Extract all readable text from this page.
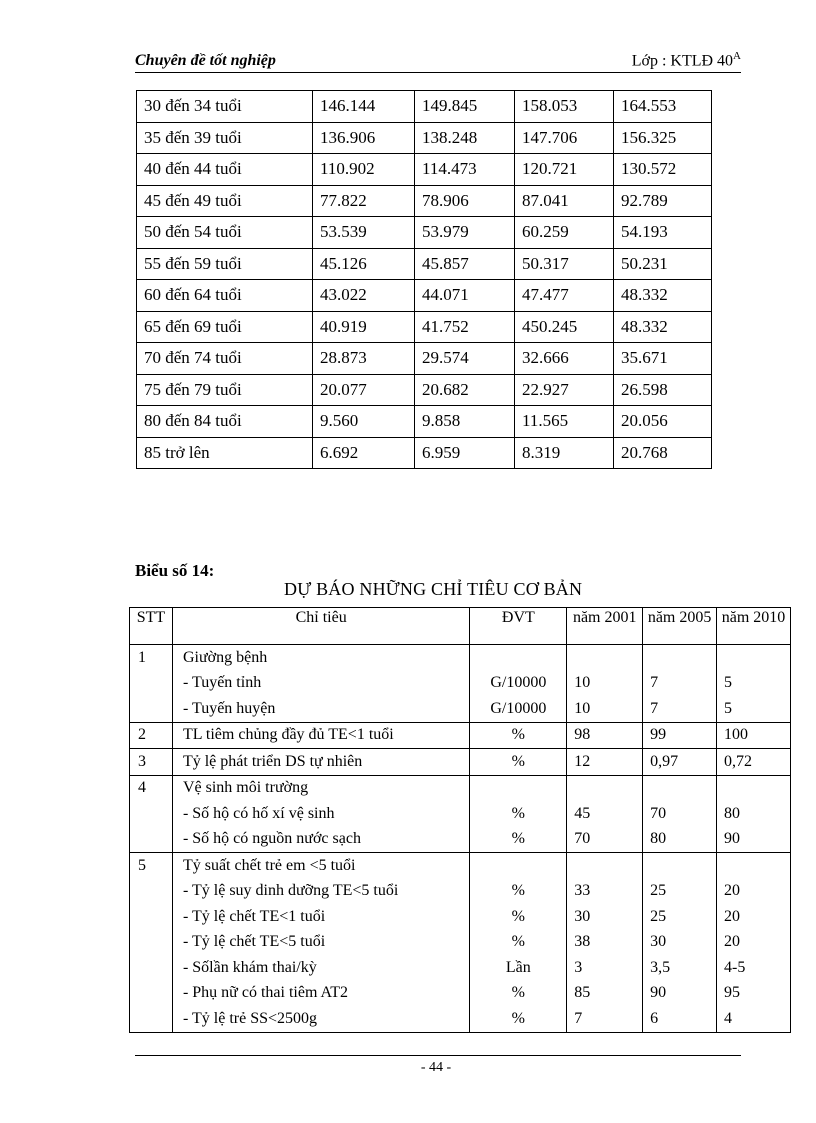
Chuyên đề tốt nghiệp	Lớp : KTLĐ $40^A$
30 đến 34 tuổi	146.144	149.845	158.053	164.553
35 đến 39 tuổi	136.906	138.248	147.706	156.325
40 đến 44 tuổi	110.902	114.473	120.721	130.572
45 đến 49 tuổi	77.822	78.906	87.041	92.789
50 đến 54 tuổi	53.539	53.979	60.259	54.193
55 đến 59 tuổi	45.126	45.857	50.317	50.231
60 đến 64 tuổi	43.022	44.071	47.477	48.332
65 đến 69 tuổi	40.919	41.752	450.245	48.332
70 đến 74 tuổi	28.873	29.574	32.666	35.671
75 đến 79 tuổi	20.077	20.682	22.927	26.598
80 đến 84 tuổi	9.560	9.858	11.565	20.056
85 trở lên	6.692	6.959	8.319	20.768
Biểu số 14:
DỰ BÁO NHỮNG CHỈ TIÊU CƠ BẢN
STT	Chỉ tiêu	ĐVT	năm 2001	năm 2005	năm 2010
1	Giường bệnh				
	- Tuyến tỉnh	G/10000	10	7	5
	- Tuyến huyện	G/10000	10	7	5
2	TL tiêm chủng đầy đủ TE<1 tuổi	%	98	99	100
3	Tỷ lệ phát triển DS tự nhiên	%	12	0,97	0,72
4	Vệ sinh môi trường				
	- Số hộ có hố xí vệ sinh	%	45	70	80
	- Số hộ có nguồn nước sạch	%	70	80	90
5	Tỷ suất chết trẻ em <5 tuổi				
	- Tỷ lệ suy dinh dưỡng TE<5 tuổi	%	33	25	20
	- Tỷ lệ chết TE<1 tuổi	%	30	25	20
	- Tỷ lệ chết TE<5 tuổi	%	38	30	20
	- Sốlần khám thai/kỳ	Lần	3	3,5	4-5
	- Phụ nữ có thai tiêm AT2	%	85	90	95
	- Tỷ lệ trẻ SS<2500g	%	7	6	4
- 44 -
